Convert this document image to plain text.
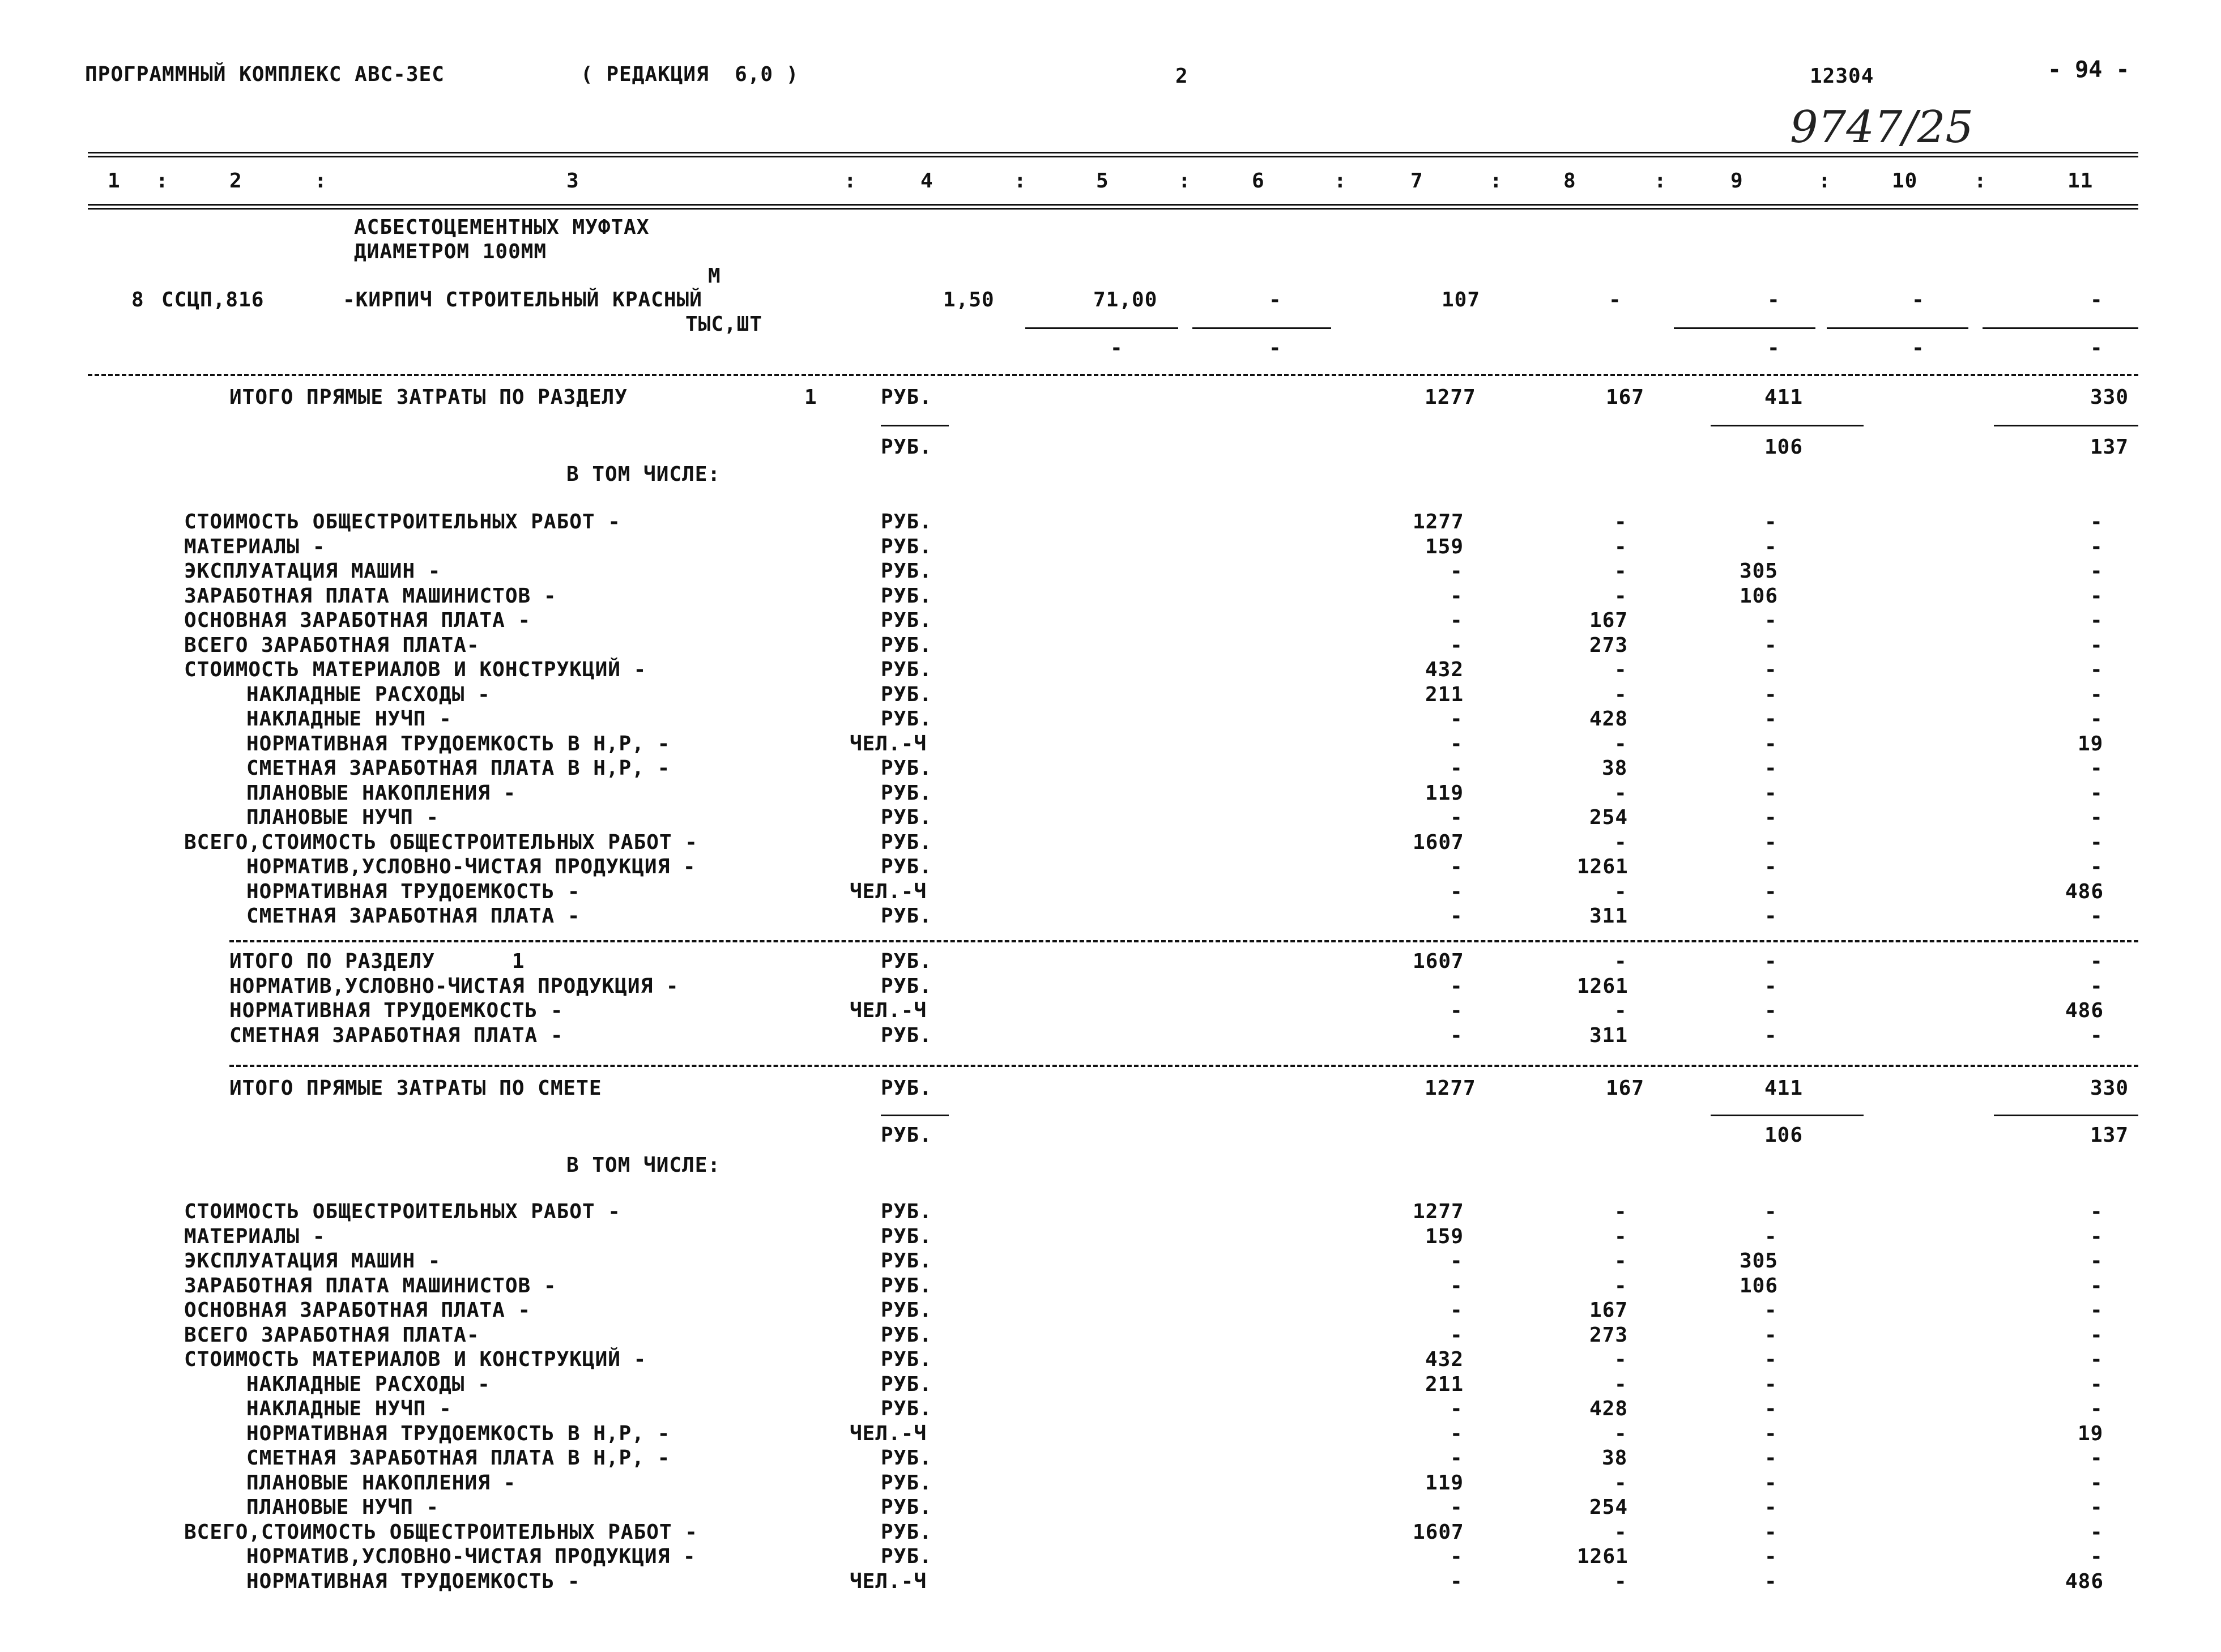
ПРОГРАММНЫЙ КОМПЛЕКС АВС-ЗЕС	( РЕДАКЦИЯ  6,0 )	2	12304	- 94 -
9747/25
1	2	3	4	5	6	7	8	9	10	11
:	:	:	:	:	:	:	:	:	:
АСБЕСТОЦЕМЕНТНЫХ МУФТАХ
ДИАМЕТРОМ 100ММ
М
8 ССЦП,816	-КИРПИЧ СТРОИТЕЛЬНЫЙ КРАСНЫЙ
ТЫС,ШТ
1,50	71,00	-	107	-	-	-	-
-	-	-	-	-
ИТОГО ПРЯМЫЕ ЗАТРАТЫ ПО РАЗДЕЛУ	1	РУБ.	1277	167	411	330
РУБ.	106	137
В ТОМ ЧИСЛЕ:
СТОИМОСТЬ ОБЩЕСТРОИТЕЛЬНЫХ РАБОТ -	РУБ.	1277	-	-	-
МАТЕРИАЛЫ -	РУБ.	159	-	-	-
ЭКСПЛУАТАЦИЯ МАШИН -	РУБ.	-	-	305	-
ЗАРАБОТНАЯ ПЛАТА МАШИНИСТОВ -	РУБ.	-	-	106	-
ОСНОВНАЯ ЗАРАБОТНАЯ ПЛАТА -	РУБ.	-	167	-	-
ВСЕГО ЗАРАБОТНАЯ ПЛАТА-	РУБ.	-	273	-	-
СТОИМОСТЬ МАТЕРИАЛОВ И КОНСТРУКЦИЙ -	РУБ.	432	-	-	-
НАКЛАДНЫЕ РАСХОДЫ -	РУБ.	211	-	-	-
НАКЛАДНЫЕ НУЧП -	РУБ.	-	428	-	-
НОРМАТИВНАЯ ТРУДОЕМКОСТЬ В Н,Р, -	ЧЕЛ.-Ч	-	-	-	19
СМЕТНАЯ ЗАРАБОТНАЯ ПЛАТА В Н,Р, -	РУБ.	-	38	-	-
ПЛАНОВЫЕ НАКОПЛЕНИЯ -	РУБ.	119	-	-	-
ПЛАНОВЫЕ НУЧП -	РУБ.	-	254	-	-
ВСЕГО,СТОИМОСТЬ ОБЩЕСТРОИТЕЛЬНЫХ РАБОТ -	РУБ.	1607	-	-	-
НОРМАТИВ,УСЛОВНО-ЧИСТАЯ ПРОДУКЦИЯ -	РУБ.	-	1261	-	-
НОРМАТИВНАЯ ТРУДОЕМКОСТЬ -	ЧЕЛ.-Ч	-	-	-	486
СМЕТНАЯ ЗАРАБОТНАЯ ПЛАТА -	РУБ.	-	311	-	-
ИТОГО ПО РАЗДЕЛУ      1	РУБ.	1607	-	-	-
НОРМАТИВ,УСЛОВНО-ЧИСТАЯ ПРОДУКЦИЯ -	РУБ.	-	1261	-	-
НОРМАТИВНАЯ ТРУДОЕМКОСТЬ -	ЧЕЛ.-Ч	-	-	-	486
СМЕТНАЯ ЗАРАБОТНАЯ ПЛАТА -	РУБ.	-	311	-	-
ИТОГО ПРЯМЫЕ ЗАТРАТЫ ПО СМЕТЕ	РУБ.	1277	167	411	330
РУБ.	106	137
В ТОМ ЧИСЛЕ:
СТОИМОСТЬ ОБЩЕСТРОИТЕЛЬНЫХ РАБОТ -	РУБ.	1277	-	-	-
МАТЕРИАЛЫ -	РУБ.	159	-	-	-
ЭКСПЛУАТАЦИЯ МАШИН -	РУБ.	-	-	305	-
ЗАРАБОТНАЯ ПЛАТА МАШИНИСТОВ -	РУБ.	-	-	106	-
ОСНОВНАЯ ЗАРАБОТНАЯ ПЛАТА -	РУБ.	-	167	-	-
ВСЕГО ЗАРАБОТНАЯ ПЛАТА-	РУБ.	-	273	-	-
СТОИМОСТЬ МАТЕРИАЛОВ И КОНСТРУКЦИЙ -	РУБ.	432	-	-	-
НАКЛАДНЫЕ РАСХОДЫ -	РУБ.	211	-	-	-
НАКЛАДНЫЕ НУЧП -	РУБ.	-	428	-	-
НОРМАТИВНАЯ ТРУДОЕМКОСТЬ В Н,Р, -	ЧЕЛ.-Ч	-	-	-	19
СМЕТНАЯ ЗАРАБОТНАЯ ПЛАТА В Н,Р, -	РУБ.	-	38	-	-
ПЛАНОВЫЕ НАКОПЛЕНИЯ -	РУБ.	119	-	-	-
ПЛАНОВЫЕ НУЧП -	РУБ.	-	254	-	-
ВСЕГО,СТОИМОСТЬ ОБЩЕСТРОИТЕЛЬНЫХ РАБОТ -	РУБ.	1607	-	-	-
НОРМАТИВ,УСЛОВНО-ЧИСТАЯ ПРОДУКЦИЯ -	РУБ.	-	1261	-	-
НОРМАТИВНАЯ ТРУДОЕМКОСТЬ -	ЧЕЛ.-Ч	-	-	-	486
